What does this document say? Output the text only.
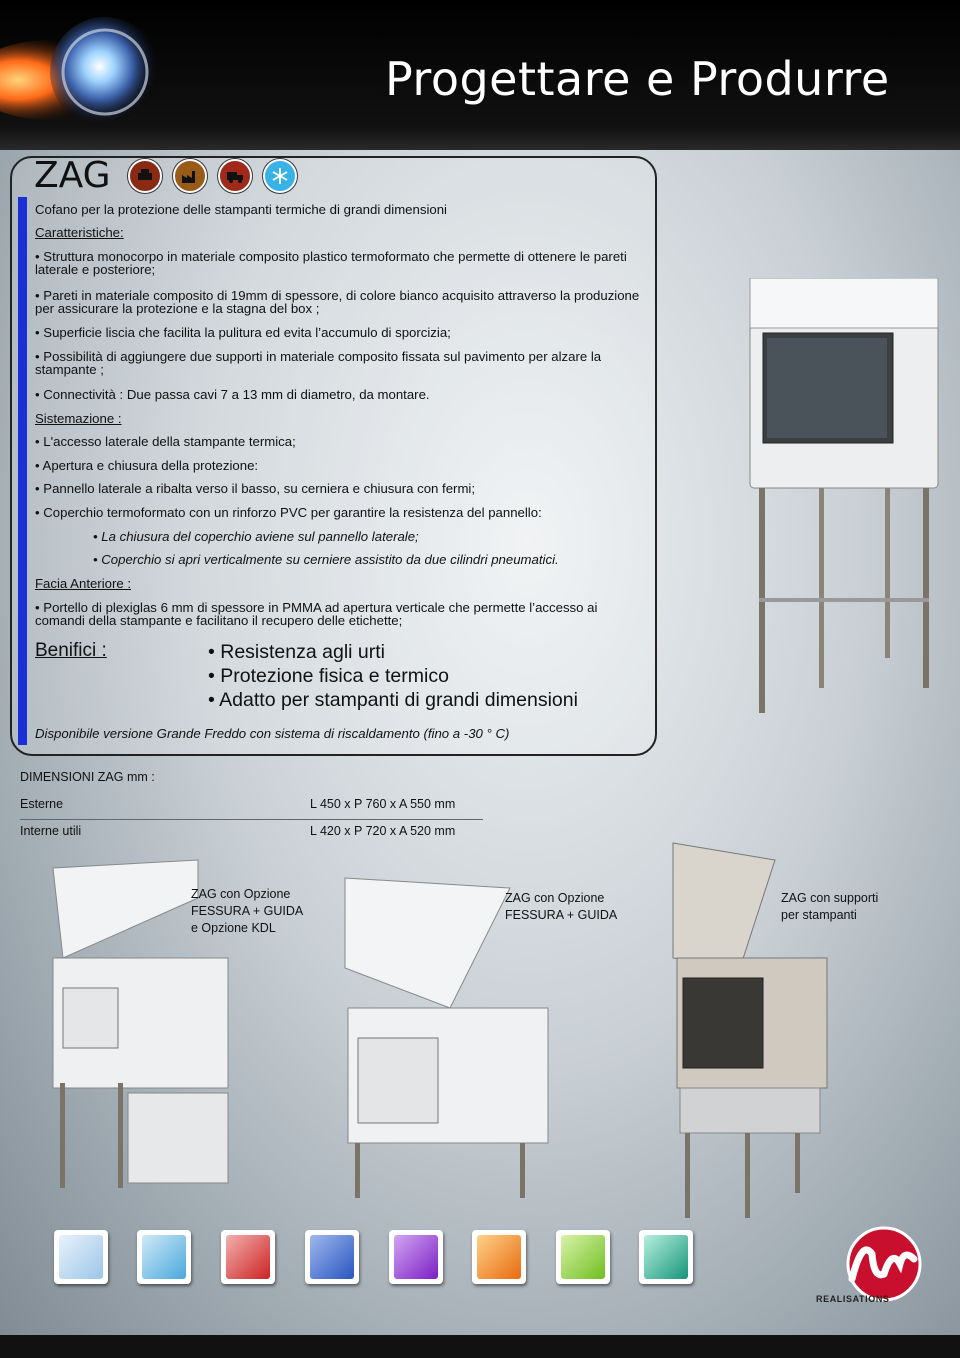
Progettare e Produrre
ZAG
Cofano per la protezione delle stampanti termiche di grandi dimensioni
Caratteristiche:
• Struttura monocorpo in materiale composito plastico termoformato che permette di ottenere le pareti laterale e posteriore;
• Pareti in materiale composito di 19mm di spessore, di colore bianco acquisito attraverso la produzione per assicurare la protezione e la stagna del box ;
• Superficie liscia che facilita la pulitura ed evita l’accumulo di sporcizia;
• Possibilità di aggiungere due supporti in materiale composito fissata sul pavimento per alzare la stampante ;
• Connectività : Due passa cavi 7 a 13 mm di diametro, da montare.
Sistemazione :
• L'accesso laterale della stampante termica;
• Apertura e chiusura della protezione:
• Pannello laterale a ribalta verso il basso, su cerniera e chiusura con fermi;
• Coperchio termoformato con un rinforzo PVC per garantire la resistenza del pannello:
• La chiusura del coperchio aviene sul pannello laterale;
• Coperchio si apri verticalmente su cerniere assistito da due cilindri pneumatici.
Facia Anteriore :
• Portello di plexiglas 6 mm di spessore in PMMA ad apertura verticale che permette l’accesso ai comandi della stampante e facilitano il recupero delle etichette;
Benifici :	• Resistenza agli urti
• Protezione fisica e termico
• Adatto per stampanti di grandi dimensioni
Disponibile versione Grande Freddo con sistema di riscaldamento (fino a -30 ° C)
DIMENSIONI ZAG mm :
Esterne	L 450 x P 760 x A 550 mm
Interne utili	L 420 x P 720 x A 520 mm
ZAG con Opzione
FESSURA + GUIDA
e Opzione KDL
ZAG con Opzione
FESSURA + GUIDA
ZAG con supporti
per stampanti
REALISATIONS
